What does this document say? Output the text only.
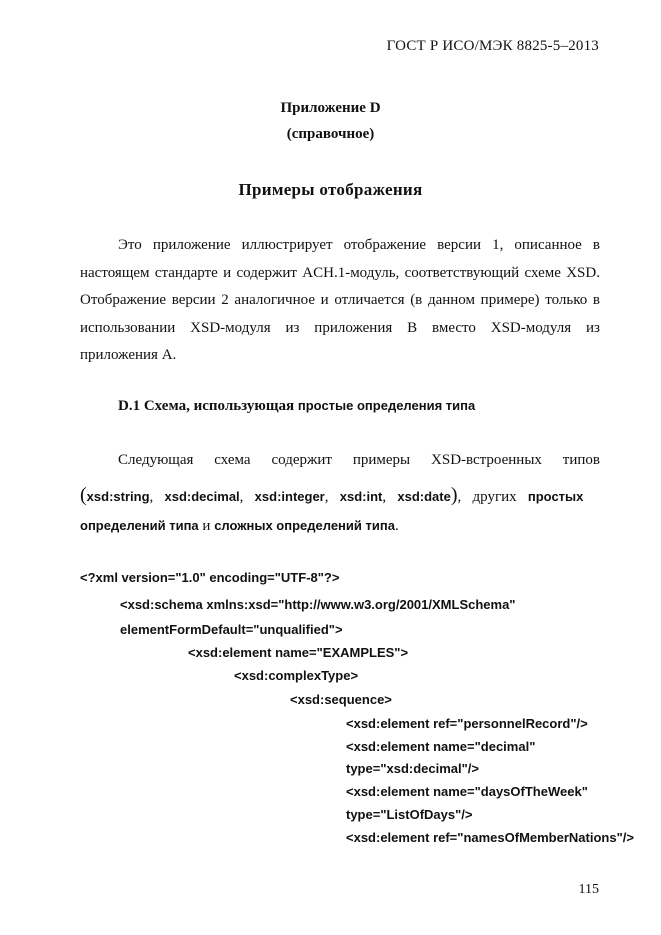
ГОСТ Р ИСО/МЭК 8825-5–2013
Приложение D
(справочное)
Примеры отображения
Это приложение иллюстрирует отображение версии 1, описанное в настоящем стандарте и содержит ACH.1-модуль, соответствующий схеме XSD. Отображение версии 2 аналогичное и отличается (в данном примере) только в использовании XSD-модуля из приложения B вместо XSD-модуля из приложения A.
D.1 Схема, использующая простые определения типа
Следующая схема содержит примеры XSD-встроенных типов
(xsd:string,   xsd:decimal,   xsd:integer,   xsd:int,   xsd:date),   других простых
определений типа и сложных определений типа.
<?xml version="1.0" encoding="UTF-8"?>
<xsd:schema xmlns:xsd="http://www.w3.org/2001/XMLSchema"
elementFormDefault="unqualified">
<xsd:element name="EXAMPLES">
<xsd:complexType>
<xsd:sequence>
<xsd:element ref="personnelRecord"/>
<xsd:element name="decimal"
type="xsd:decimal"/>
<xsd:element name="daysOfTheWeek"
type="ListOfDays"/>
<xsd:element ref="namesOfMemberNations"/>
115
